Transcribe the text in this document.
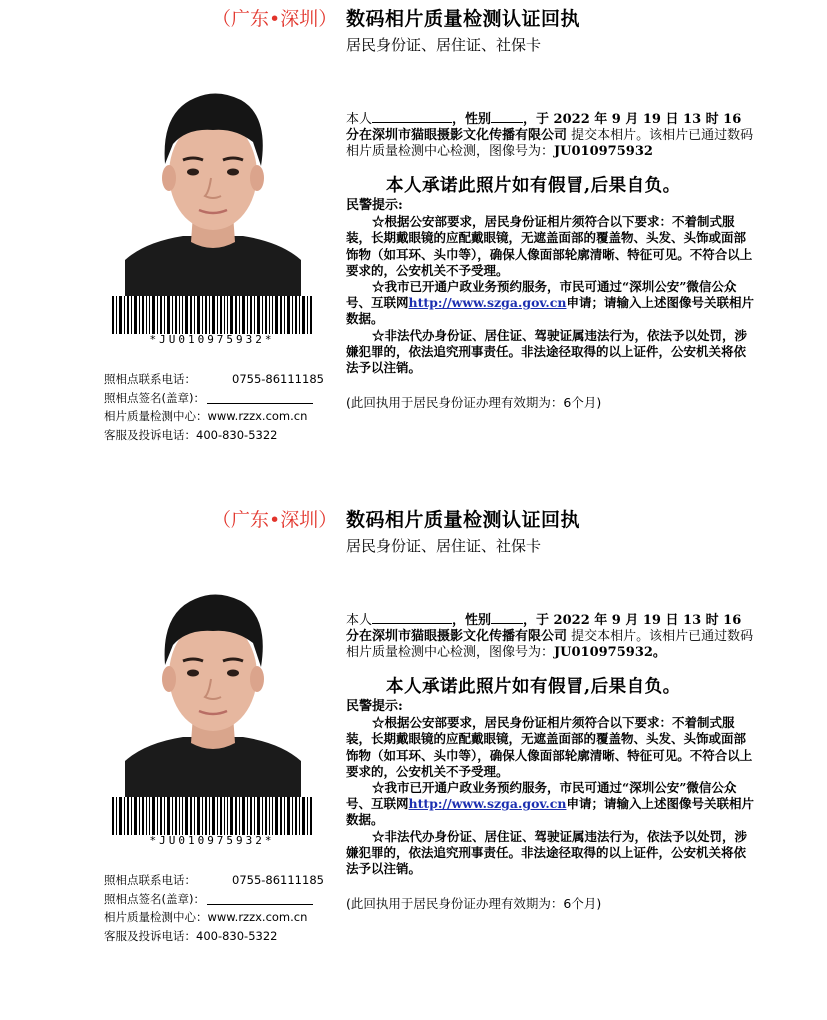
（广东•深圳） 数码相片质量检测认证回执
居民身份证、居住证、社保卡
*JU010975932*
照相点联系电话：	0755-86111185
照相点签名(盖章)：
相片质量检测中心：www.rzzx.com.cn
客服及投诉电话：400-830-5322
本人	，性别 ，于 2022 年 9 月 19 日 13 时 16 分在深圳市猫眼摄影文化传播有限公司 提交本相片。该相片已通过数码相片质量检测中心检测，图像号为：JU010975932
本人承诺此照片如有假冒,后果自负。

民警提示:

☆根据公安部要求，居民身份证相片须符合以下要求：不着制式服装，长期戴眼镜的应配戴眼镜，无遮盖面部的覆盖物、头发、头饰或面部饰物（如耳环、头巾等），确保人像面部轮廓清晰、特征可见。不符合以上要求的，公安机关不予受理。

☆我市已开通户政业务预约服务，市民可通过“深圳公安”微信公众号、互联网http://www.szga.gov.cn申请；请输入上述图像号关联相片数据。

☆非法代办身份证、居住证、驾驶证属违法行为，依法予以处罚，涉嫌犯罪的，依法追究刑事责任。非法途径取得的以上证件，公安机关将依法予以注销。

(此回执用于居民身份证办理有效期为：6个月)
（广东•深圳） 数码相片质量检测认证回执
居民身份证、居住证、社保卡
*JU010975932*
照相点联系电话：	0755-86111185
照相点签名(盖章)：
相片质量检测中心：www.rzzx.com.cn
客服及投诉电话：400-830-5322
本人	，性别 ，于 2022 年 9 月 19 日 13 时 16 分在深圳市猫眼摄影文化传播有限公司 提交本相片。该相片已通过数码相片质量检测中心检测，图像号为：JU010975932。
本人承诺此照片如有假冒,后果自负。

民警提示:

☆根据公安部要求，居民身份证相片须符合以下要求：不着制式服装，长期戴眼镜的应配戴眼镜，无遮盖面部的覆盖物、头发、头饰或面部饰物（如耳环、头巾等），确保人像面部轮廓清晰、特征可见。不符合以上要求的，公安机关不予受理。

☆我市已开通户政业务预约服务，市民可通过“深圳公安”微信公众号、互联网http://www.szga.gov.cn申请；请输入上述图像号关联相片数据。

☆非法代办身份证、居住证、驾驶证属违法行为，依法予以处罚，涉嫌犯罪的，依法追究刑事责任。非法途径取得的以上证件，公安机关将依法予以注销。

(此回执用于居民身份证办理有效期为：6个月)
